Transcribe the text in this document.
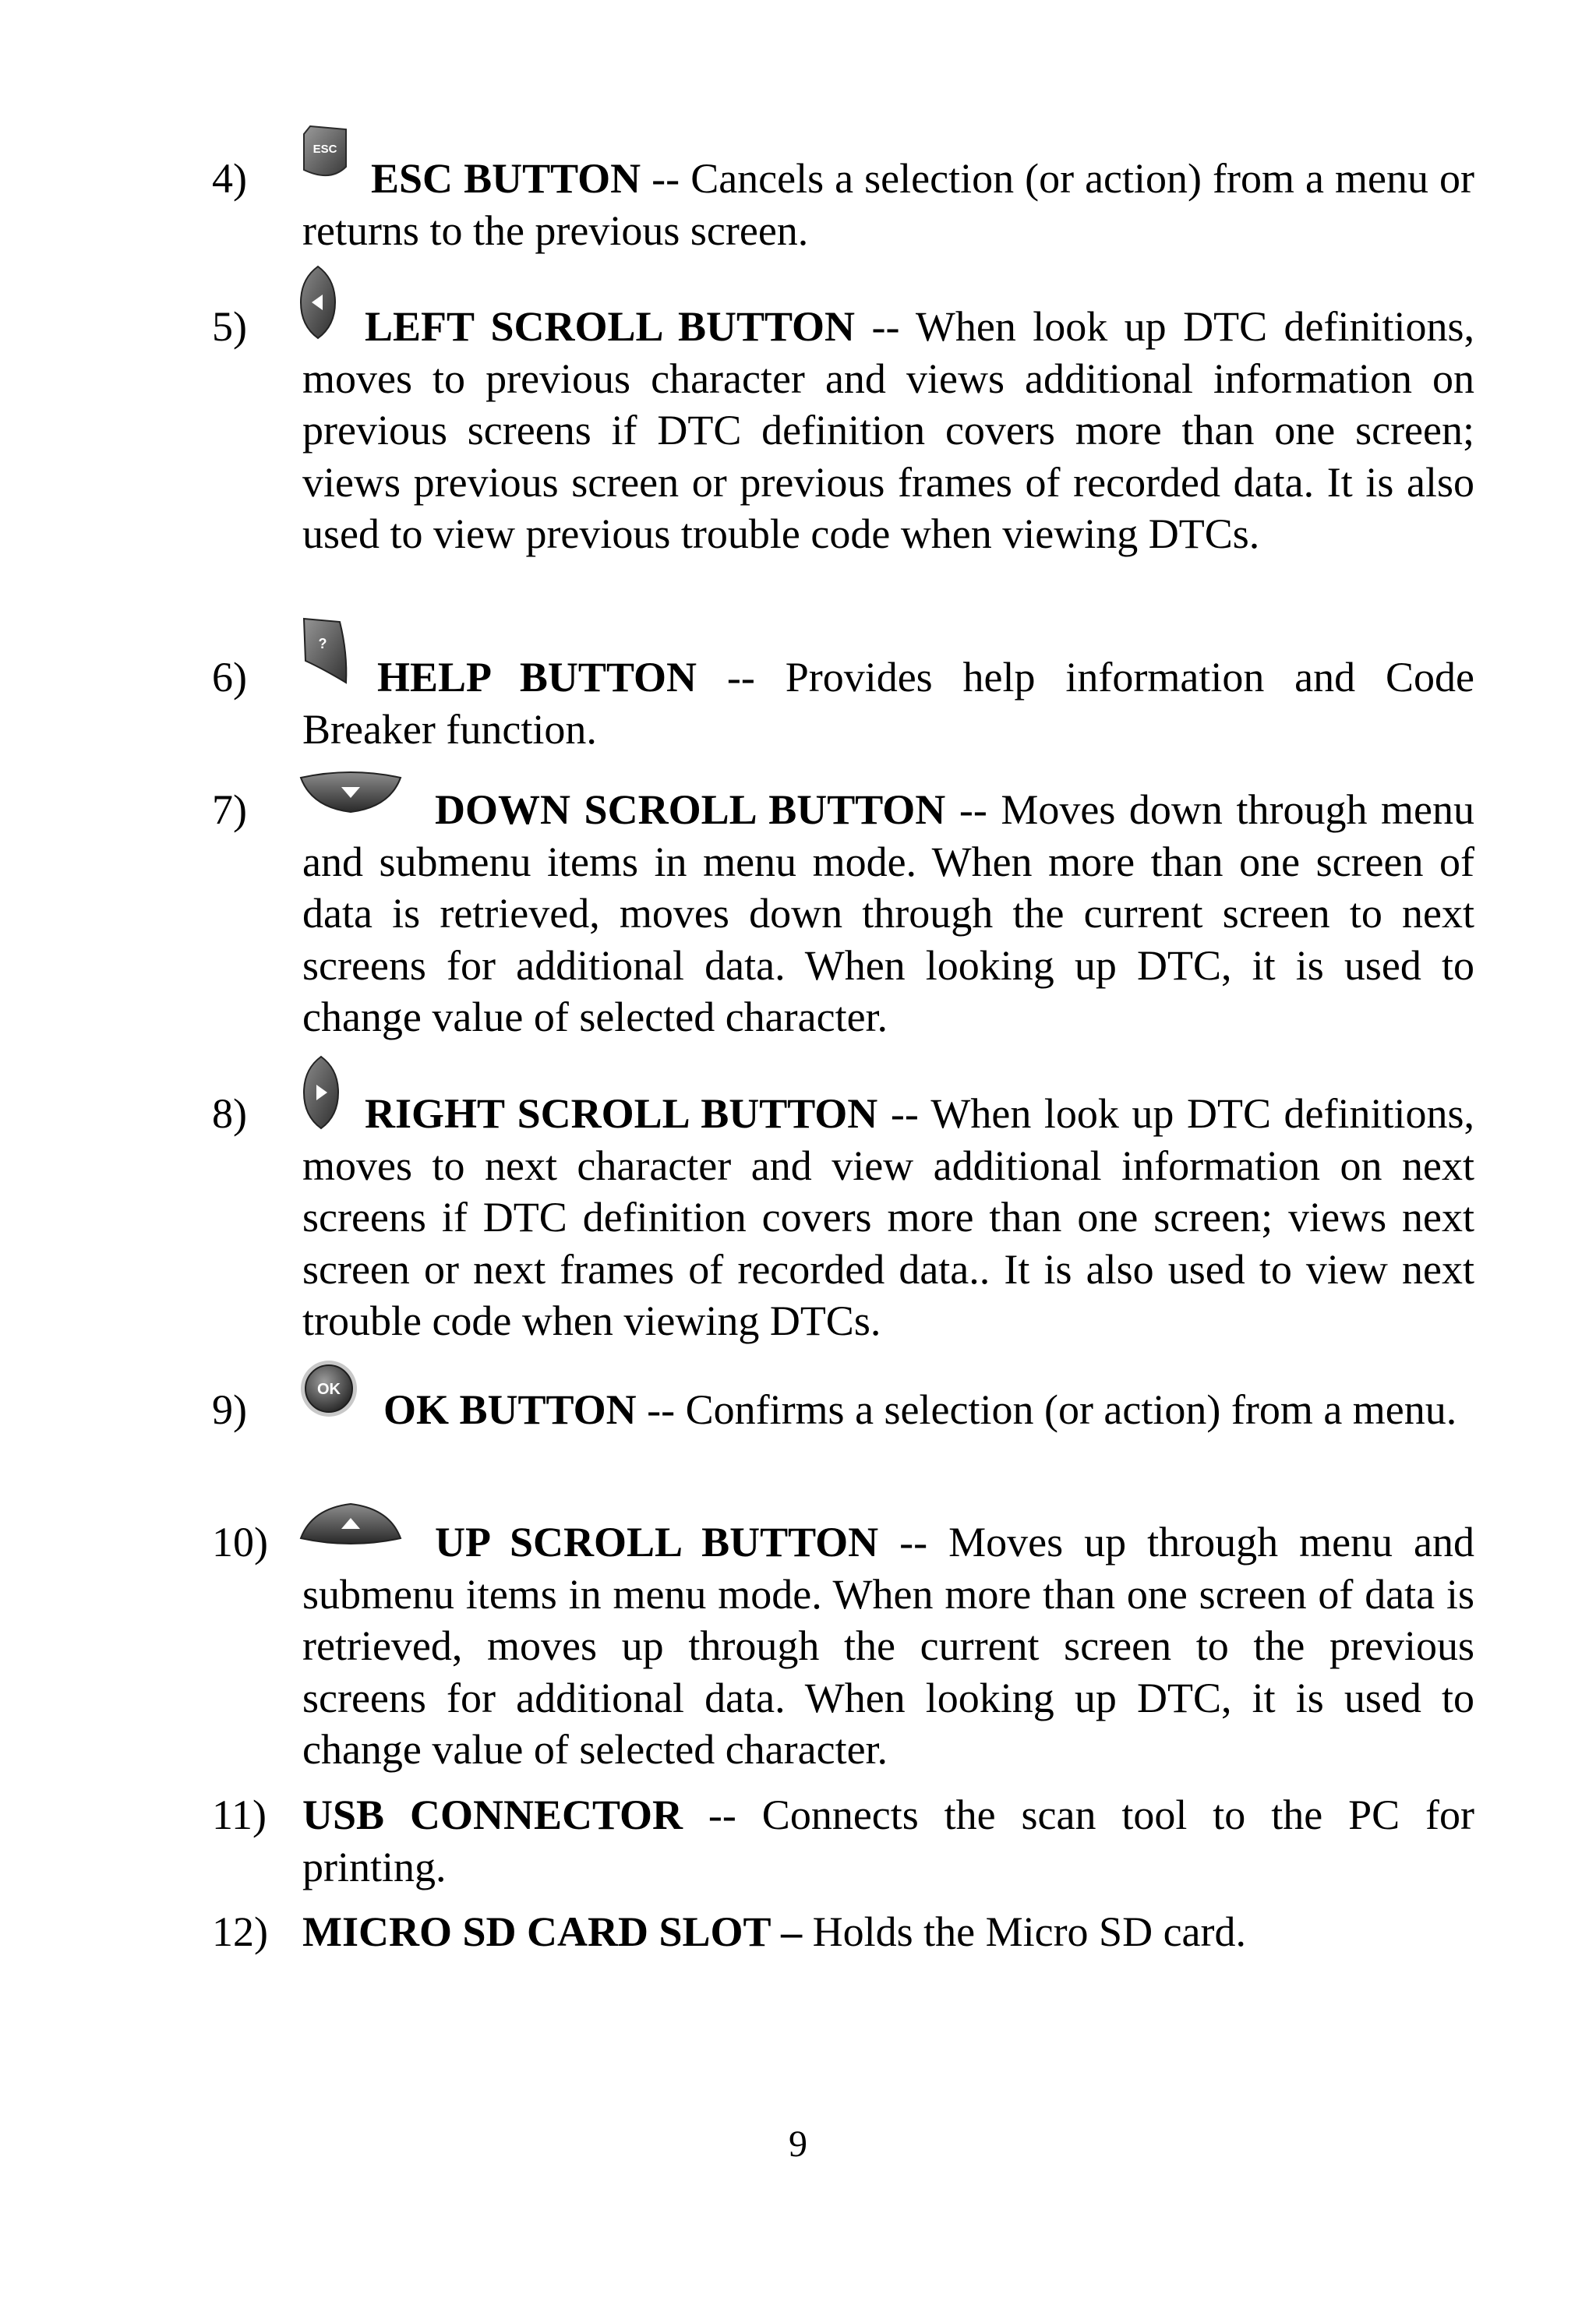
4)
ESC
ESC BUTTON -- Cancels a selection (or action) from a menu or returns to the previous screen.
5)	LEFT SCROLL BUTTON -- When look up DTC definitions, moves to previous character and views additional information on previous screens if DTC definition covers more than one screen; views previous screen or previous frames of recorded data. It is also used to view previous trouble code when viewing DTCs.
6)
?
HELP BUTTON -- Provides help information and Code Breaker function.
7)	DOWN SCROLL BUTTON -- Moves down through menu and submenu items in menu mode. When more than one screen of data is retrieved, moves down through the current screen to next screens for additional data. When looking up DTC, it is used to change value of selected character.
8)	RIGHT SCROLL BUTTON -- When look up DTC definitions, moves to next character and view additional information on next screens if DTC definition covers more than one screen; views next screen or next frames of recorded data.. It is also used to view next trouble code when viewing DTCs.
9)	OK	OK BUTTON -- Confirms a selection (or action) from a menu.
10)	UP SCROLL BUTTON -- Moves up through menu and submenu items in menu mode. When more than one screen of data is retrieved, moves up through the current screen to the previous screens for additional data. When looking up DTC, it is used to change value of selected character.
11) USB CONNECTOR -- Connects the scan tool to the PC for printing.
12) MICRO SD CARD SLOT – Holds the Micro SD card.
9
